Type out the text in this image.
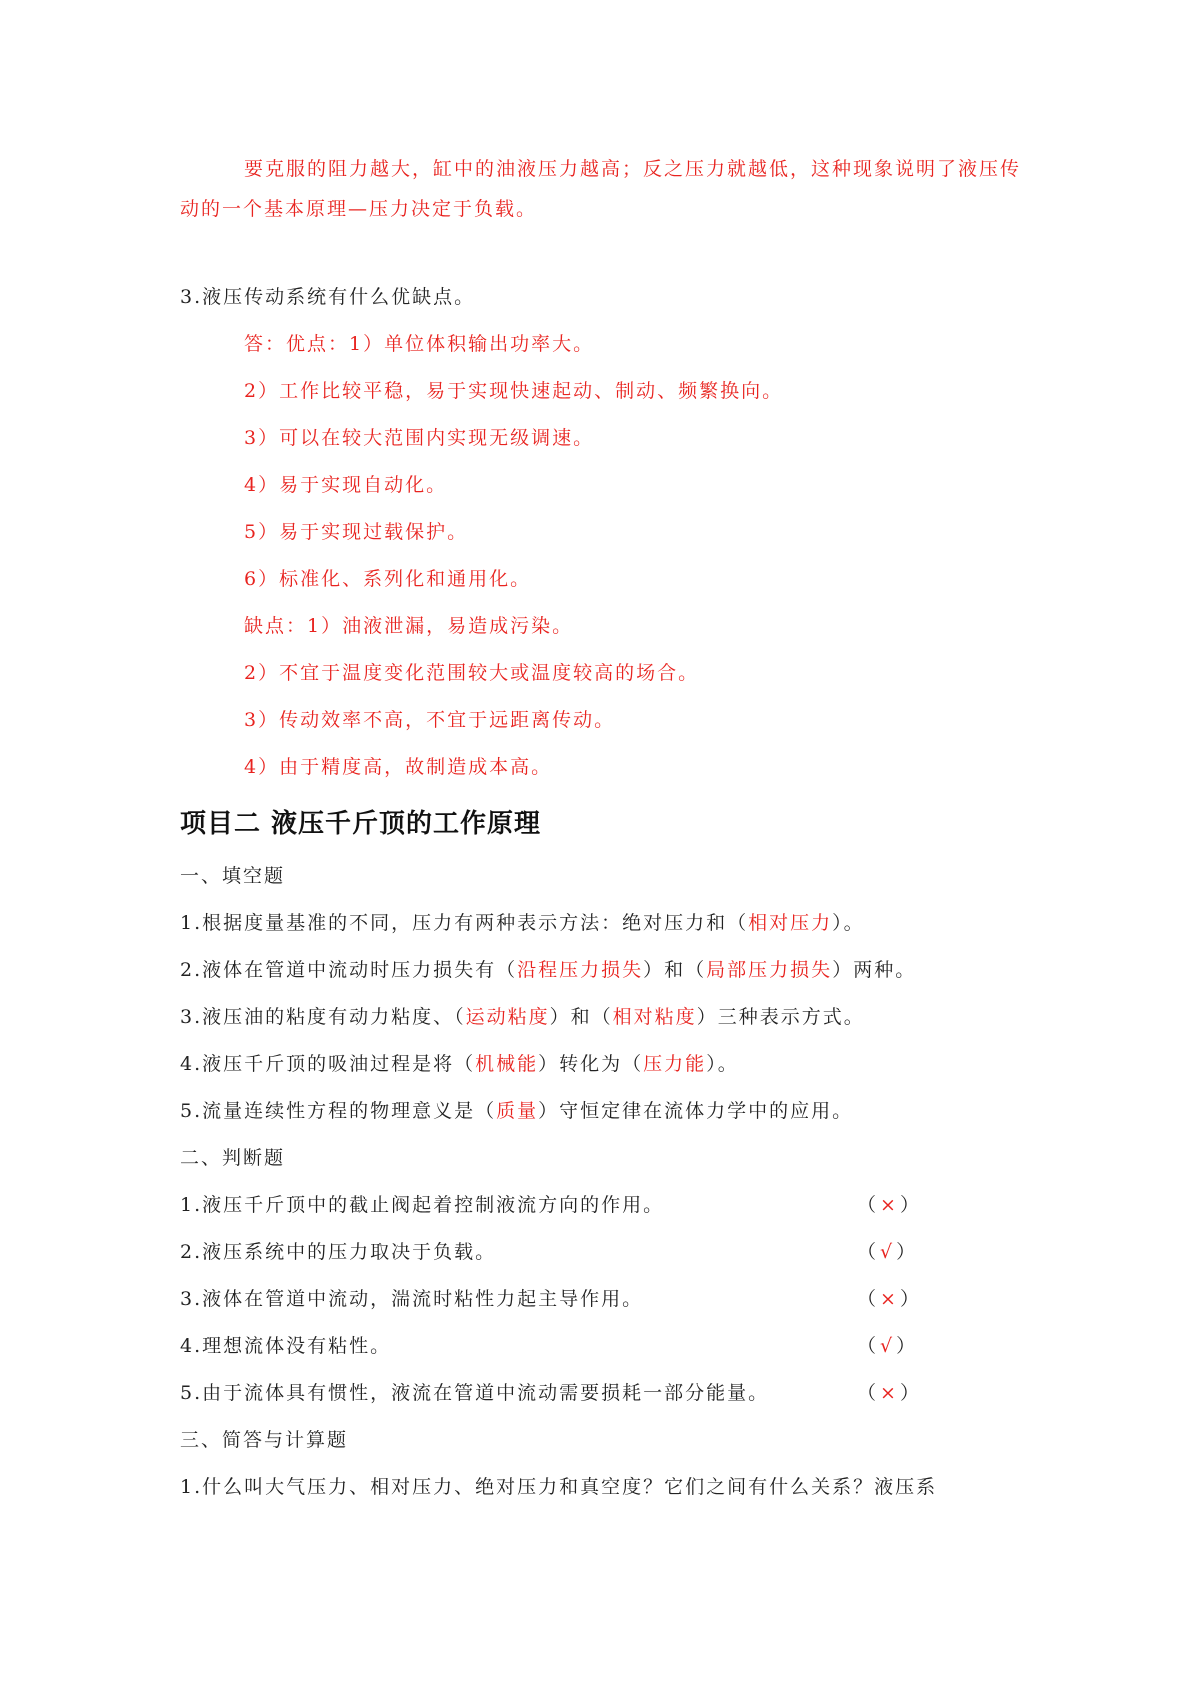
要克服的阻力越大，缸中的油液压力越高；反之压力就越低，这种现象说明了液压传
动的一个基本原理—压力决定于负载。
3.液压传动系统有什么优缺点。
答：优点：1）单位体积输出功率大。
2）工作比较平稳，易于实现快速起动、制动、频繁换向。
3）可以在较大范围内实现无级调速。
4）易于实现自动化。
5）易于实现过载保护。
6）标准化、系列化和通用化。
缺点：1）油液泄漏，易造成污染。
2）不宜于温度变化范围较大或温度较高的场合。
3）传动效率不高，不宜于远距离传动。
4）由于精度高，故制造成本高。
项目二 液压千斤顶的工作原理
一、填空题
1.根据度量基准的不同，压力有两种表示方法：绝对压力和（相对压力）。
2.液体在管道中流动时压力损失有（沿程压力损失）和（局部压力损失）两种。
3.液压油的粘度有动力粘度、（运动粘度）和（相对粘度）三种表示方式。
4.液压千斤顶的吸油过程是将（机械能）转化为（压力能）。
5.流量连续性方程的物理意义是（质量）守恒定律在流体力学中的应用。
二、判断题
1.液压千斤顶中的截止阀起着控制液流方向的作用。	（×）
2.液压系统中的压力取决于负载。	（√）
3.液体在管道中流动，湍流时粘性力起主导作用。	（×）
4.理想流体没有粘性。	（√）
5.由于流体具有惯性，液流在管道中流动需要损耗一部分能量。	（×）
三、简答与计算题
1.什么叫大气压力、相对压力、绝对压力和真空度？它们之间有什么关系？液压系
